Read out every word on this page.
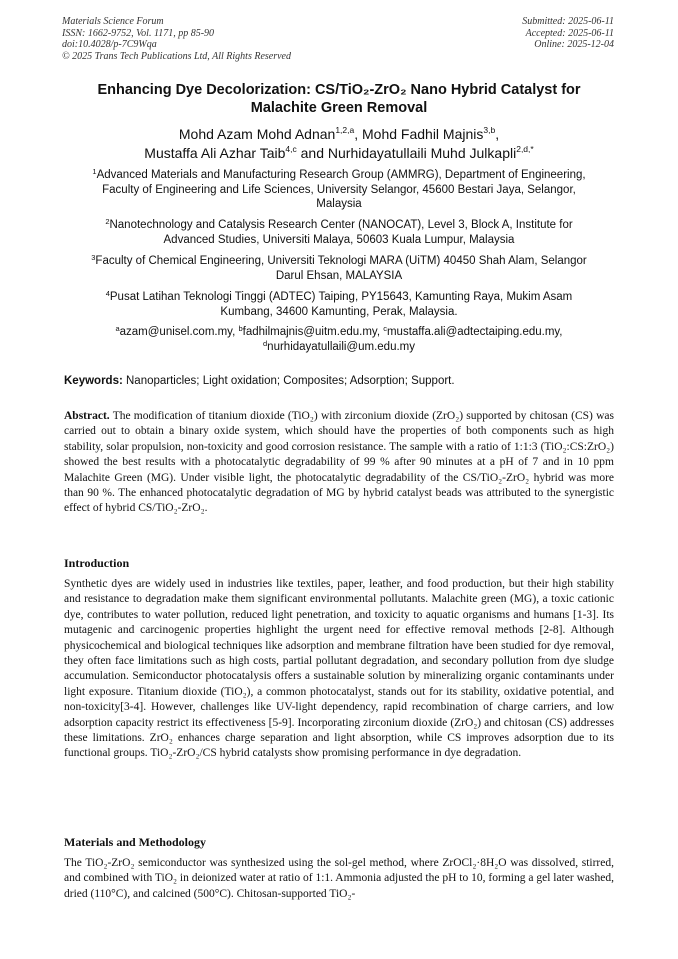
Materials Science Forum
ISSN: 1662-9752, Vol. 1171, pp 85-90
doi:10.4028/p-7C9Wqa
© 2025 Trans Tech Publications Ltd, All Rights Reserved
Submitted: 2025-06-11
Accepted: 2025-06-11
Online: 2025-12-04
Enhancing Dye Decolorization: CS/TiO₂-ZrO₂ Nano Hybrid Catalyst for
Malachite Green Removal
Mohd Azam Mohd Adnan$^{1,2,a}$, Mohd Fadhil Majnis$^{3,b}$,
Mustaffa Ali Azhar Taib$^{4,c}$ and Nurhidayatullaili Muhd Julkapli$^{2,d,*}$
$^1$Advanced Materials and Manufacturing Research Group (AMMRG), Department of Engineering,
Faculty of Engineering and Life Sciences, University Selangor, 45600 Bestari Jaya, Selangor,
Malaysia
$^2$Nanotechnology and Catalysis Research Center (NANOCAT), Level 3, Block A, Institute for
Advanced Studies, Universiti Malaya, 50603 Kuala Lumpur, Malaysia
$^3$Faculty of Chemical Engineering, Universiti Teknologi MARA (UiTM) 40450 Shah Alam, Selangor
Darul Ehsan, MALAYSIA
$^4$Pusat Latihan Teknologi Tinggi (ADTEC) Taiping, PY15643, Kamunting Raya, Mukim Asam
Kumbang, 34600 Kamunting, Perak, Malaysia.
$^a$azam@unisel.com.my, $^b$fadhilmajnis@uitm.edu.my, $^c$mustaffa.ali@adtectaiping.edu.my,
$^d$nurhidayatullaili@um.edu.my
Keywords: Nanoparticles; Light oxidation; Composites; Adsorption; Support.
Abstract. The modification of titanium dioxide (TiO₂) with zirconium dioxide (ZrO₂) supported by chitosan (CS) was carried out to obtain a binary oxide system, which should have the properties of both components such as high stability, solar propulsion, non-toxicity and good corrosion resistance. The sample with a ratio of 1:1:3 (TiO₂:CS:ZrO₂) showed the best results with a photocatalytic degradability of 99 % after 90 minutes at a pH of 7 and in 10 ppm Malachite Green (MG). Under visible light, the photocatalytic degradability of the CS/TiO₂-ZrO₂ hybrid was more than 90 %. The enhanced photocatalytic degradation of MG by hybrid catalyst beads was attributed to the synergistic effect of hybrid CS/TiO₂-ZrO₂.
Introduction
Synthetic dyes are widely used in industries like textiles, paper, leather, and food production, but their high stability and resistance to degradation make them significant environmental pollutants. Malachite green (MG), a toxic cationic dye, contributes to water pollution, reduced light penetration, and toxicity to aquatic organisms and humans [1-3]. Its mutagenic and carcinogenic properties highlight the urgent need for effective removal methods [2-8]. Although physicochemical and biological techniques like adsorption and membrane filtration have been studied for dye removal, they often face limitations such as high costs, partial pollutant degradation, and secondary pollution from dye sludge accumulation. Semiconductor photocatalysis offers a sustainable solution by mineralizing organic contaminants under light exposure. Titanium dioxide (TiO₂), a common photocatalyst, stands out for its stability, oxidative potential, and non-toxicity[3-4]. However, challenges like UV-light dependency, rapid recombination of charge carriers, and low adsorption capacity restrict its effectiveness [5-9]. Incorporating zirconium dioxide (ZrO₂) and chitosan (CS) addresses these limitations. ZrO₂ enhances charge separation and light absorption, while CS improves adsorption due to its functional groups. TiO₂-ZrO₂/CS hybrid catalysts show promising performance in dye degradation.
Materials and Methodology
The TiO₂-ZrO₂ semiconductor was synthesized using the sol-gel method, where ZrOCl₂·8H₂O was dissolved, stirred, and combined with TiO₂ in deionized water at ratio of 1:1. Ammonia adjusted the pH to 10, forming a gel later washed, dried (110°C), and calcined (500°C). Chitosan-supported TiO₂-
